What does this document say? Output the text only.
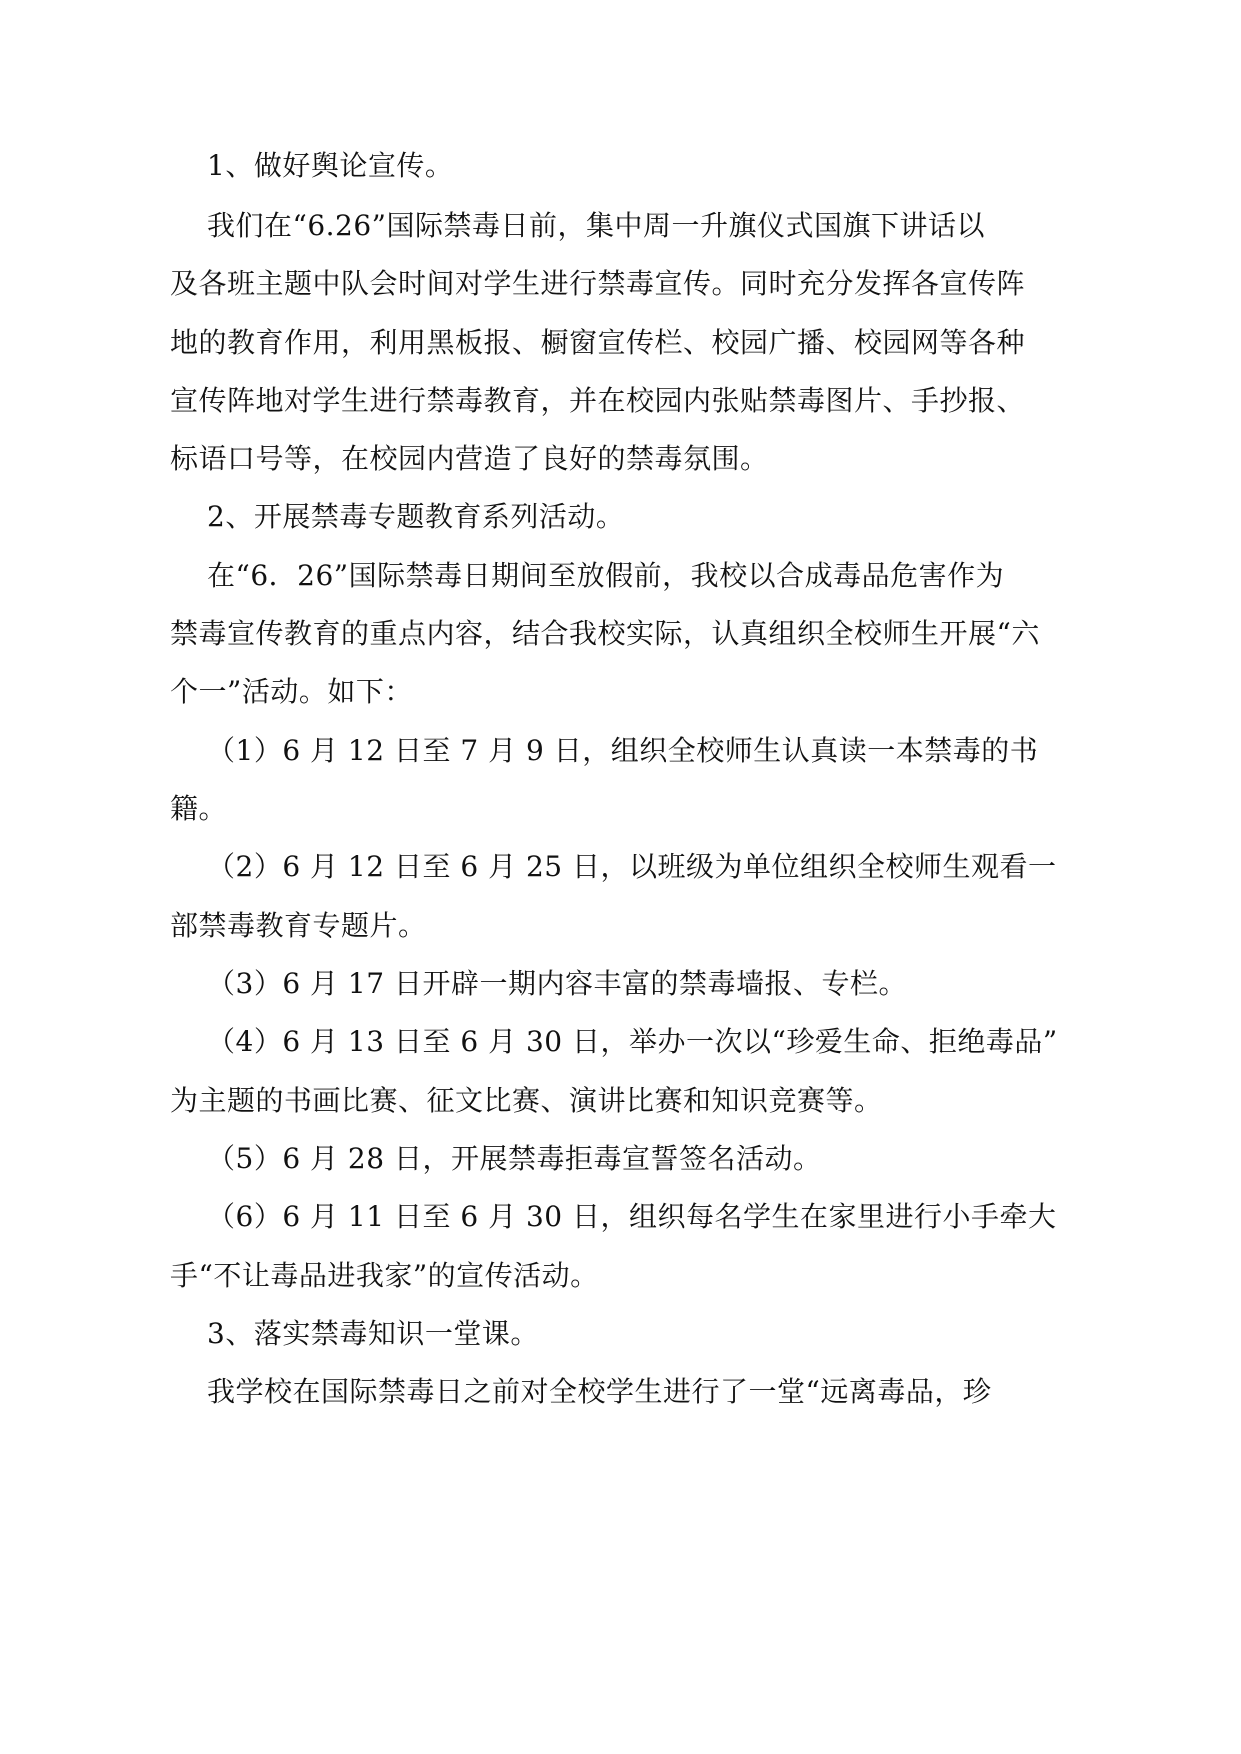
1、做好舆论宣传。
我们在“6.26”国际禁毒日前，集中周一升旗仪式国旗下讲话以
及各班主题中队会时间对学生进行禁毒宣传。同时充分发挥各宣传阵
地的教育作用，利用黑板报、橱窗宣传栏、校园广播、校园网等各种
宣传阵地对学生进行禁毒教育，并在校园内张贴禁毒图片、手抄报、
标语口号等，在校园内营造了良好的禁毒氛围。
2、开展禁毒专题教育系列活动。
在“6．26”国际禁毒日期间至放假前，我校以合成毒品危害作为
禁毒宣传教育的重点内容，结合我校实际，认真组织全校师生开展“六
个一”活动。如下：
（1）6 月 12 日至 7 月 9 日，组织全校师生认真读一本禁毒的书
籍。
（2）6 月 12 日至 6 月 25 日，以班级为单位组织全校师生观看一
部禁毒教育专题片。
（3）6 月 17 日开辟一期内容丰富的禁毒墙报、专栏。
（4）6 月 13 日至 6 月 30 日，举办一次以“珍爱生命、拒绝毒品”
为主题的书画比赛、征文比赛、演讲比赛和知识竞赛等。
（5）6 月 28 日，开展禁毒拒毒宣誓签名活动。
（6）6 月 11 日至 6 月 30 日，组织每名学生在家里进行小手牵大
手“不让毒品进我家”的宣传活动。
3、落实禁毒知识一堂课。
我学校在国际禁毒日之前对全校学生进行了一堂“远离毒品，珍
